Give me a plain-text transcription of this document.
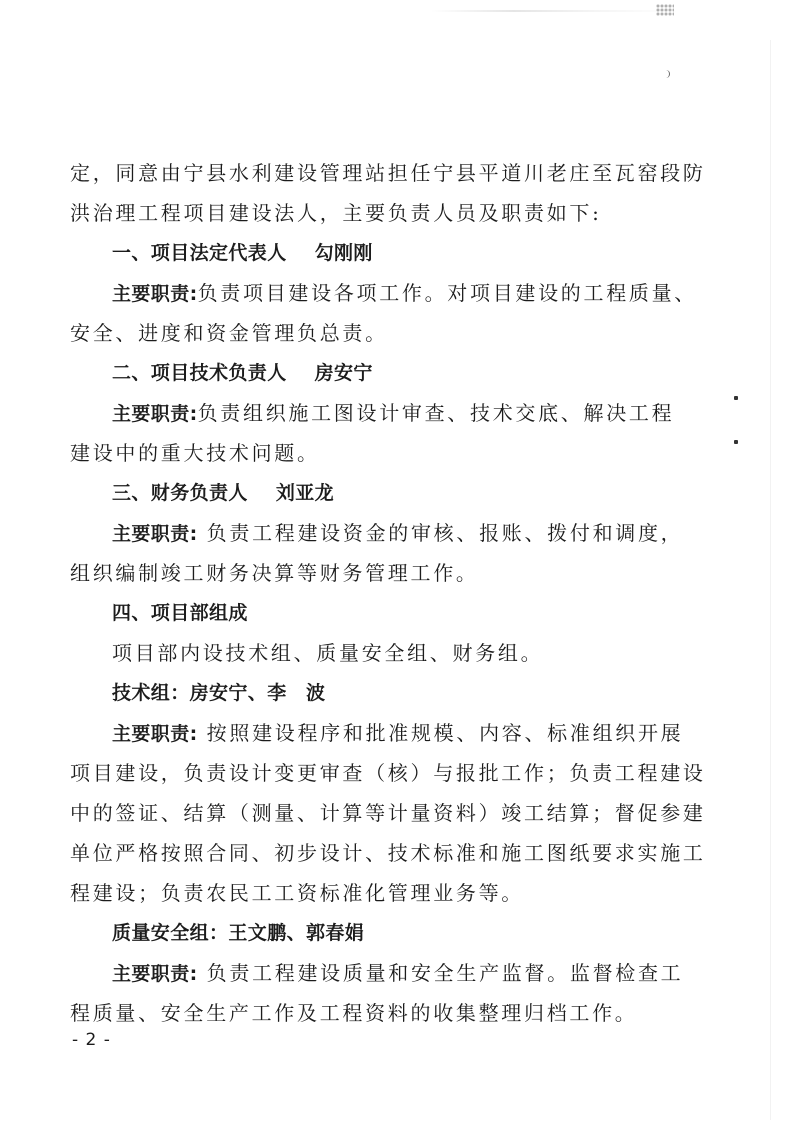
定，同意由宁县水利建设管理站担任宁县平道川老庄至瓦窑段防
洪治理工程项目建设法人，主要负责人员及职责如下:
一、项目法定代表人 勾刚刚
主要职责:负责项目建设各项工作。对项目建设的工程质量、
安全、进度和资金管理负总责。
二、项目技术负责人 房安宁
主要职责:负责组织施工图设计审查、技术交底、解决工程
建设中的重大技术问题。
三、财务负责人 刘亚龙
主要职责: 负责工程建设资金的审核、报账、拨付和调度，
组织编制竣工财务决算等财务管理工作。
四、项目部组成
项目部内设技术组、质量安全组、财务组。
技术组：房安宁、李　波
主要职责: 按照建设程序和批准规模、内容、标准组织开展
项目建设，负责设计变更审查（核）与报批工作；负责工程建设
中的签证、结算（测量、计算等计量资料）竣工结算；督促参建
单位严格按照合同、初步设计、技术标准和施工图纸要求实施工
程建设；负责农民工工资标准化管理业务等。
质量安全组：王文鹏、郭春娟
主要职责: 负责工程建设质量和安全生产监督。监督检查工
程质量、安全生产工作及工程资料的收集整理归档工作。
- 2 -
